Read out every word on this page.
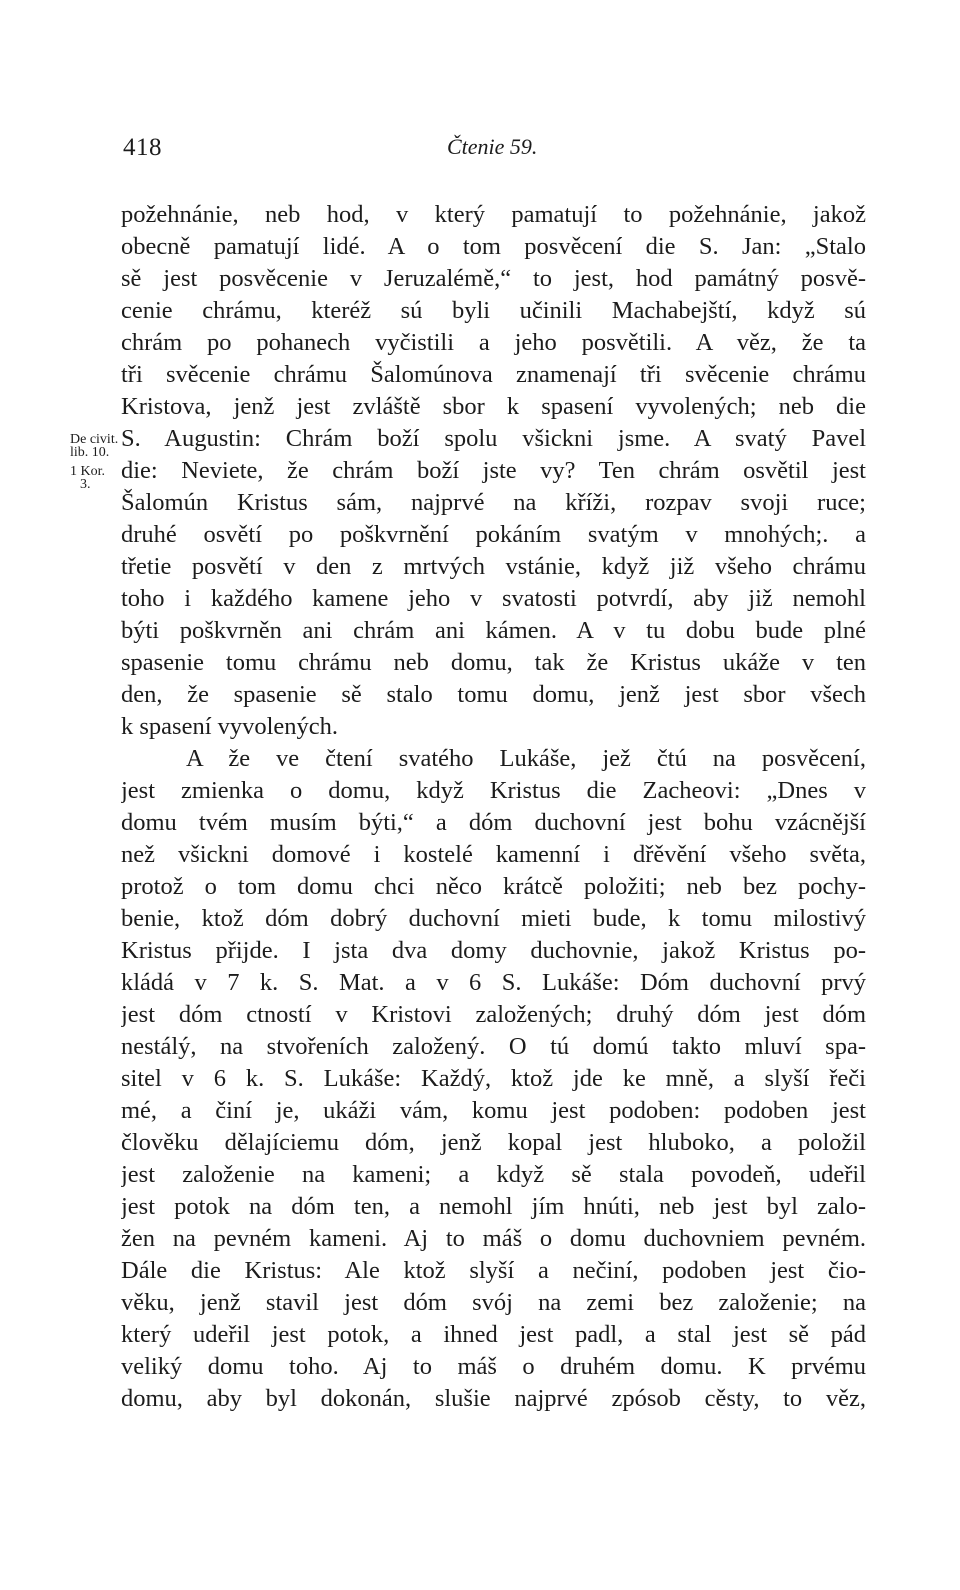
418	Čtenie 59.
De civit.
lib. 10.
1 Kor.
3.
požehnánie, neb hod, v který pamatují to požehnánie, jakož
obecně pamatují lidé. A o tom posvěcení die S. Jan: „Stalo
sě jest posvěcenie v Jeruzalémě,“ to jest, hod památný posvě-
cenie chrámu, kteréž sú byli učinili Machabejští, když sú
chrám po pohanech vyčistili a jeho posvětili. A věz, že ta
tři svěcenie chrámu Šalomúnova znamenají tři svěcenie chrámu
Kristova, jenž jest zvláště sbor k spasení vyvolených; neb die
S. Augustin: Chrám boží spolu všickni jsme. A svatý Pavel
die: Neviete, že chrám boží jste vy? Ten chrám osvětil jest
Šalomún Kristus sám, najprvé na kříži, rozpav svoji ruce;
druhé osvětí po poškvrnění pokáním svatým v mnohých;. a
třetie posvětí v den z mrtvých vstánie, když již všeho chrámu
toho i každého kamene jeho v svatosti potvrdí, aby již nemohl
býti poškvrněn ani chrám ani kámen. A v tu dobu bude plné
spasenie tomu chrámu neb domu, tak že Kristus ukáže v ten
den, že spasenie sě stalo tomu domu, jenž jest sbor všech
k spasení vyvolených.
A že ve čtení svatého Lukáše, jež čtú na posvěcení,
jest zmienka o domu, když Kristus die Zacheovi: „Dnes v
domu tvém musím býti,“ a dóm duchovní jest bohu vzácnější
než všickni domové i kostelé kamenní i dřěvění všeho světa,
protož o tom domu chci něco krátcě položiti; neb bez pochy-
benie, ktož dóm dobrý duchovní mieti bude, k tomu milostivý
Kristus přijde. I jsta dva domy duchovnie, jakož Kristus po-
kládá v 7 k. S. Mat. a v 6 S. Lukáše: Dóm duchovní prvý
jest dóm ctností v Kristovi založených; druhý dóm jest dóm
nestálý, na stvořeních založený. O tú domú takto mluví spa-
sitel v 6 k. S. Lukáše: Každý, ktož jde ke mně, a slyší řeči
mé, a činí je, ukáži vám, komu jest podoben: podoben jest
člověku dělajíciemu dóm, jenž kopal jest hluboko, a položil
jest založenie na kameni; a když sě stala povodeň, udeřil
jest potok na dóm ten, a nemohl jím hnúti, neb jest byl zalo-
žen na pevném kameni. Aj to máš o domu duchovniem pevném.
Dále die Kristus: Ale ktož slyší a nečiní, podoben jest čio-
věku, jenž stavil jest dóm svój na zemi bez založenie; na
který udeřil jest potok, a ihned jest padl, a stal jest sě pád
veliký domu toho. Aj to máš o druhém domu. K prvému
domu, aby byl dokonán, slušie najprvé zpósob cěsty, to věz,
